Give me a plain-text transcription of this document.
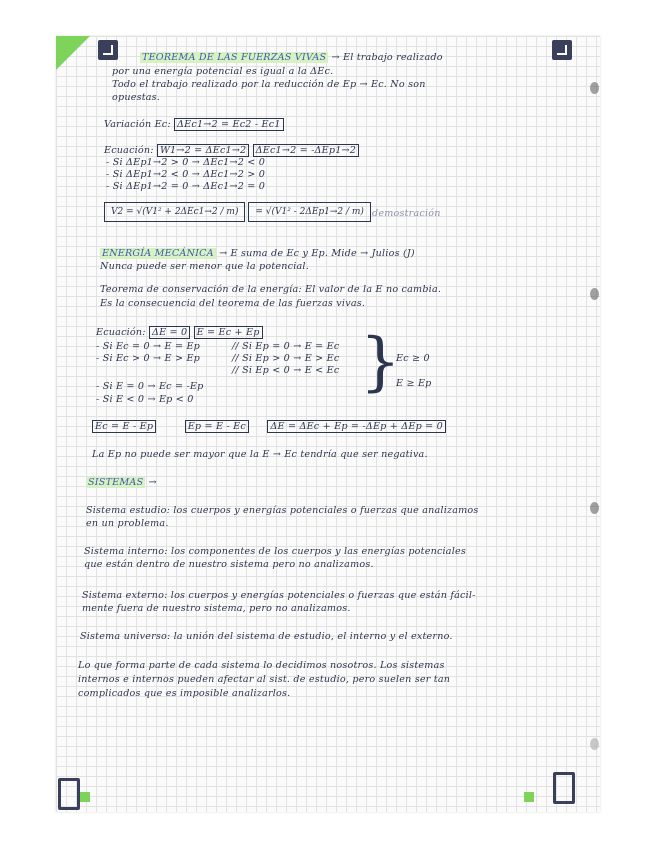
TEOREMA DE LAS FUERZAS VIVAS → El trabajo realizado
por una energía potencial es igual a la ΔEc.
Todo el trabajo realizado por la reducción de Ep → Ec. No son
opuestas.
Variación Ec: ΔEc1→2 = Ec2 - Ec1
Ecuación: W1→2 = ΔEc1→2 ΔEc1→2 = -ΔEp1→2
- Si ΔEp1→2 > 0 → ΔEc1→2 < 0
- Si ΔEp1→2 < 0 → ΔEc1→2 > 0
- Si ΔEp1→2 = 0 → ΔEc1→2 = 0
V2 = √(V1² + 2ΔEc1→2 / m) = √(V1² - 2ΔEp1→2 / m) demostración
ENERGÍA MECÁNICA → E suma de Ec y Ep. Mide → Julios (J)
Nunca puede ser menor que la potencial.
Teorema de conservación de la energía: El valor de la E no cambia.
Es la consecuencia del teorema de las fuerzas vivas.
Ecuación: ΔE = 0 E = Ec + Ep
- Si Ec = 0 → E = Ep	// Si Ep = 0 → E = Ec
- Si Ec > 0 → E > Ep	// Si Ep > 0 → E > Ec
// Si Ep < 0 → E < Ec
- Si E = 0 → Ec = -Ep
- Si E < 0 → Ep < 0
}
Ec ≥ 0
E ≥ Ep
Ec = E - Ep	Ep = E - Ec	ΔE = ΔEc + Ep = -ΔEp + ΔEp = 0
La Ep no puede ser mayor que la E → Ec tendría que ser negativa.
SISTEMAS →
Sistema estudio: los cuerpos y energías potenciales o fuerzas que analizamos
en un problema.
Sistema interno: los componentes de los cuerpos y las energías potenciales
que están dentro de nuestro sistema pero no analizamos.
Sistema externo: los cuerpos y energías potenciales o fuerzas que están fácil-
mente fuera de nuestro sistema, pero no analizamos.
Sistema universo: la unión del sistema de estudio, el interno y el externo.
Lo que forma parte de cada sistema lo decidimos nosotros. Los sistemas
internos e internos pueden afectar al sist. de estudio, pero suelen ser tan
complicados que es imposible analizarlos.
